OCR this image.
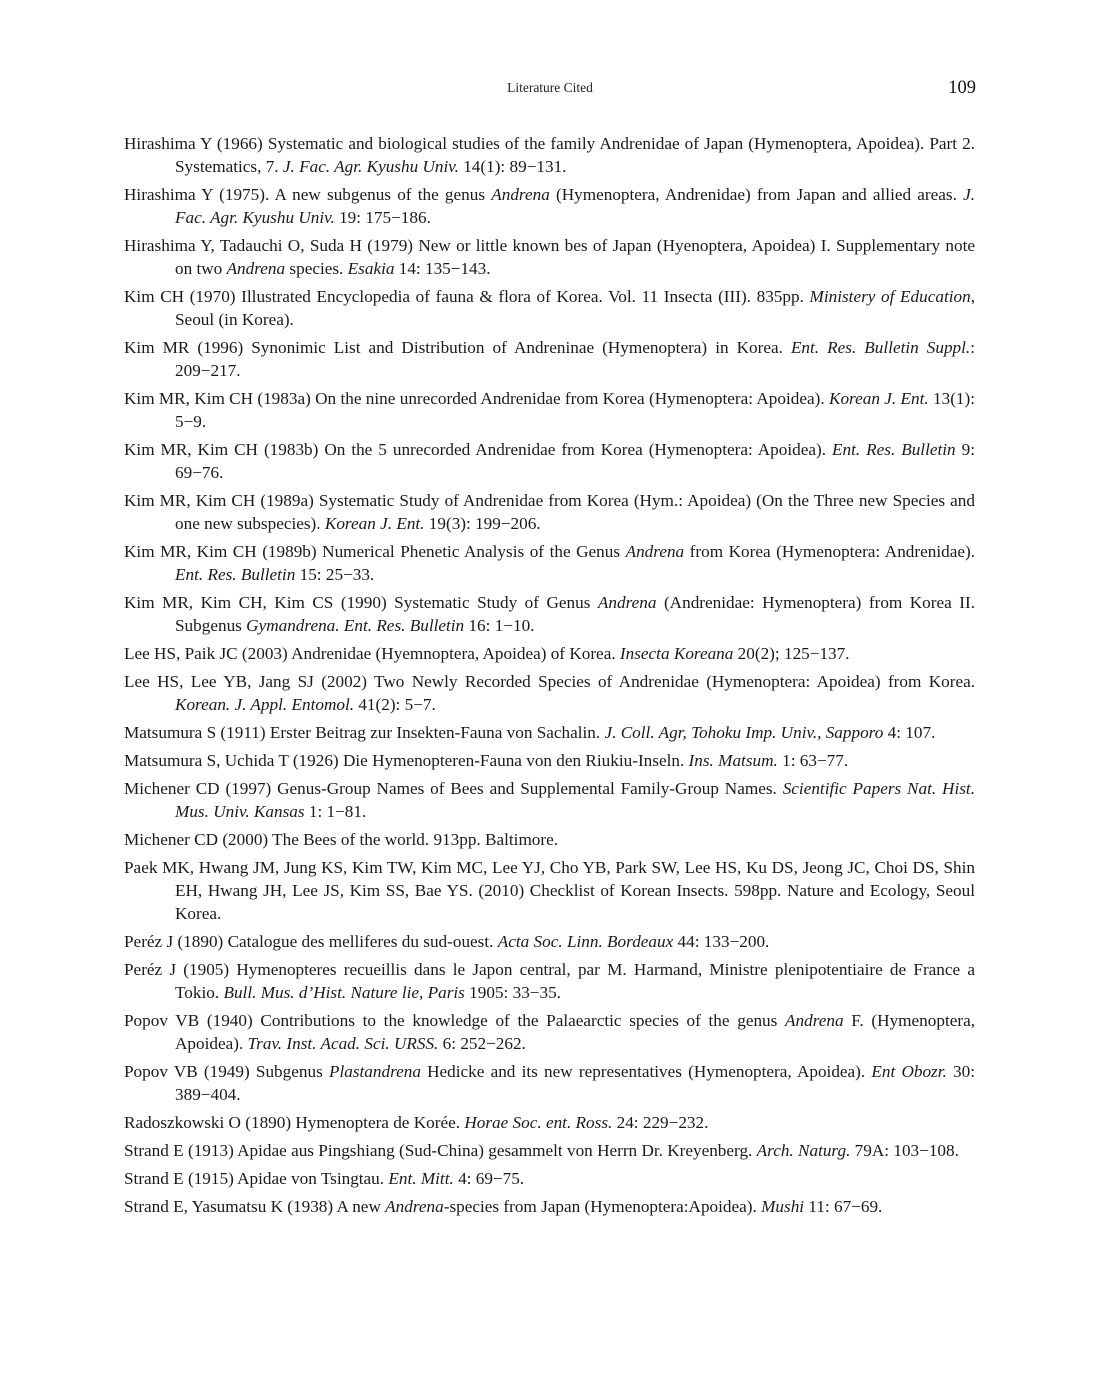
Literature Cited	109
Hirashima Y (1966) Systematic and biological studies of the family Andrenidae of Japan (Hymenoptera, Apoidea). Part 2. Systematics, 7. J. Fac. Agr. Kyushu Univ. 14(1): 89−131.
Hirashima Y (1975). A new subgenus of the genus Andrena (Hymenoptera, Andrenidae) from Japan and allied areas. J. Fac. Agr. Kyushu Univ. 19: 175−186.
Hirashima Y, Tadauchi O, Suda H (1979) New or little known bes of Japan (Hyenoptera, Apoidea) I. Supplementary note on two Andrena species. Esakia 14: 135−143.
Kim CH (1970) Illustrated Encyclopedia of fauna & flora of Korea. Vol. 11 Insecta (III). 835pp. Ministery of Education, Seoul (in Korea).
Kim MR (1996) Synonimic List and Distribution of Andreninae (Hymenoptera) in Korea. Ent. Res. Bulletin Suppl.: 209−217.
Kim MR, Kim CH (1983a) On the nine unrecorded Andrenidae from Korea (Hymenoptera: Apoidea). Korean J. Ent. 13(1): 5−9.
Kim MR, Kim CH (1983b) On the 5 unrecorded Andrenidae from Korea (Hymenoptera: Apoidea). Ent. Res. Bulletin 9: 69−76.
Kim MR, Kim CH (1989a) Systematic Study of Andrenidae from Korea (Hym.: Apoidea) (On the Three new Species and one new subspecies). Korean J. Ent. 19(3): 199−206.
Kim MR, Kim CH (1989b) Numerical Phenetic Analysis of the Genus Andrena from Korea (Hymenoptera: Andrenidae). Ent. Res. Bulletin 15: 25−33.
Kim MR, Kim CH, Kim CS (1990) Systematic Study of Genus Andrena (Andrenidae: Hymenoptera) from Korea II. Subgenus Gymandrena. Ent. Res. Bulletin 16: 1−10.
Lee HS, Paik JC (2003) Andrenidae (Hyemnoptera, Apoidea) of Korea. Insecta Koreana 20(2); 125−137.
Lee HS, Lee YB, Jang SJ (2002) Two Newly Recorded Species of Andrenidae (Hymenoptera: Apoidea) from Korea. Korean. J. Appl. Entomol. 41(2): 5−7.
Matsumura S (1911) Erster Beitrag zur Insekten-Fauna von Sachalin. J. Coll. Agr, Tohoku Imp. Univ., Sapporo 4: 107.
Matsumura S, Uchida T (1926) Die Hymenopteren-Fauna von den Riukiu-Inseln. Ins. Matsum. 1: 63−77.
Michener CD (1997) Genus-Group Names of Bees and Supplemental Family-Group Names. Scientific Papers Nat. Hist. Mus. Univ. Kansas 1: 1−81.
Michener CD (2000) The Bees of the world. 913pp. Baltimore.
Paek MK, Hwang JM, Jung KS, Kim TW, Kim MC, Lee YJ, Cho YB, Park SW, Lee HS, Ku DS, Jeong JC, Choi DS, Shin EH, Hwang JH, Lee JS, Kim SS, Bae YS. (2010) Checklist of Korean Insects. 598pp. Nature and Ecology, Seoul Korea.
Peréz J (1890) Catalogue des melliferes du sud-ouest. Acta Soc. Linn. Bordeaux 44: 133−200.
Peréz J (1905) Hymenopteres recueillis dans le Japon central, par M. Harmand, Ministre plenipotentiaire de France a Tokio. Bull. Mus. d’Hist. Nature lie, Paris 1905: 33−35.
Popov VB (1940) Contributions to the knowledge of the Palaearctic species of the genus Andrena F. (Hymenoptera, Apoidea). Trav. Inst. Acad. Sci. URSS. 6: 252−262.
Popov VB (1949) Subgenus Plastandrena Hedicke and its new representatives (Hymenoptera, Apoidea). Ent Obozr. 30: 389−404.
Radoszkowski O (1890) Hymenoptera de Korée. Horae Soc. ent. Ross. 24: 229−232.
Strand E (1913) Apidae aus Pingshiang (Sud-China) gesammelt von Herrn Dr. Kreyenberg. Arch. Naturg. 79A: 103−108.
Strand E (1915) Apidae von Tsingtau. Ent. Mitt. 4: 69−75.
Strand E, Yasumatsu K (1938) A new Andrena-species from Japan (Hymenoptera:Apoidea). Mushi 11: 67−69.
